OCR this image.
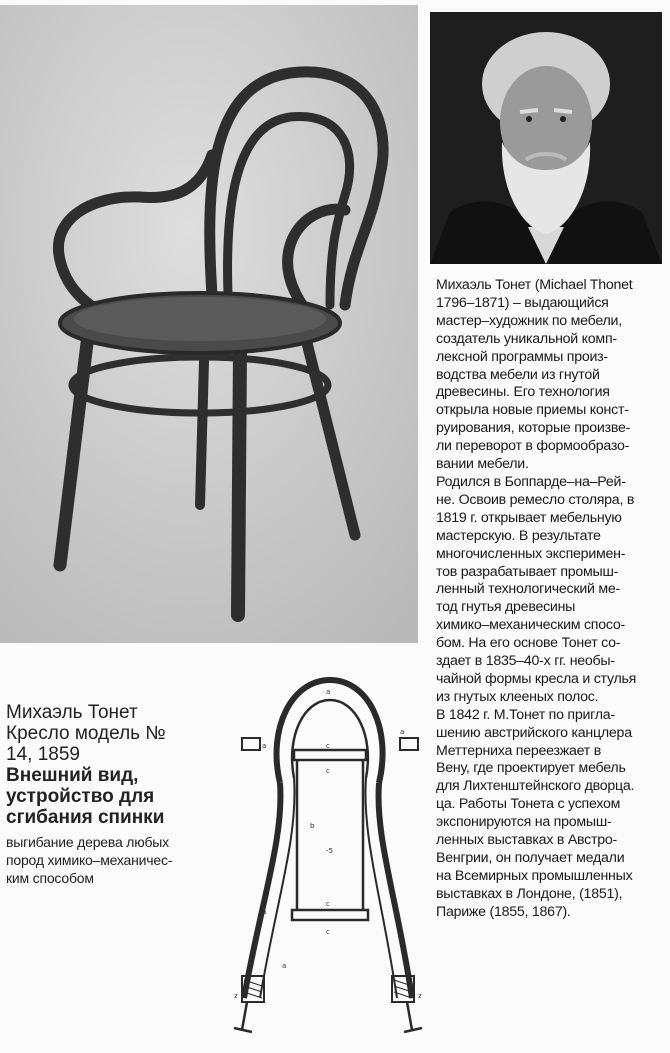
Михаэль Тонет (Michael Thonet
1796–1871) – выдающийся
мастер–художник по мебели,
создатель уникальной комп-
лексной программы произ-
водства мебели из гнутой
древесины. Его технология
открыла новые приемы конст-
руирования, которые произве-
ли переворот в формообразо-
вании мебели.

Родился в Боппарде–на–Рей-
не. Освоив ремесло столяра, в
1819 г. открывает мебельную
мастерскую. В результате
многочисленных эксперимен-
тов разрабатывает промыш-
ленный технологический ме-
тод гнутья древесины
химико–механическим спосо-
бом. На его основе Тонет со-
здает в 1835–40-х гг. необы-
чайной формы кресла и стулья
из гнутых клееных полос.

В 1842 г. М.Тонет по пригла-
шению австрийского канцлера
Меттерниха переезжает в
Вену, где проектирует мебель
для Лихтенштейнского дворца.
ца. Работы Тонета с успехом
экспонируются на промыш-
ленных выставках в Австро-
Венгрии, он получает медали
на Всемирных промышленных
выставках в Лондоне, (1851),
Париже (1855, 1867).

Михаэль Тонет
Кресло модель №
14, 1859

Внешний вид,
устройство для
сгибания спинки

выгибание дерева любых
пород химико–механичес-
ким способом

a
a
a
c
c
b
-5
c
c
a	a
a
z	z
